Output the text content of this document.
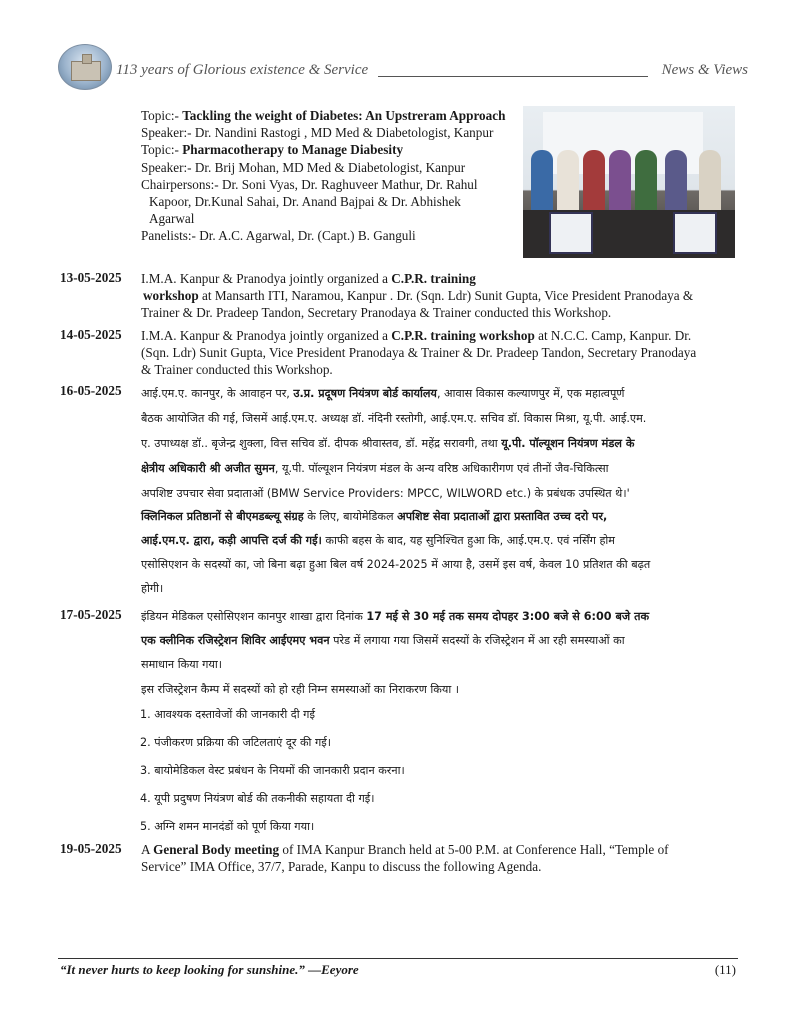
113 years of Glorious existence & Service	News & Views
Topic:- Tackling the weight of Diabetes: An Upstreram Approach
Speaker:- Dr. Nandini Rastogi , MD Med & Diabetologist, Kanpur
Topic:- Pharmacotherapy to Manage Diabesity
Speaker:- Dr. Brij Mohan, MD Med & Diabetologist, Kanpur
Chairpersons:- Dr. Soni Vyas, Dr. Raghuveer Mathur, Dr. Rahul
Kapoor, Dr.Kunal Sahai, Dr. Anand Bajpai & Dr. Abhishek
Agarwal
Panelists:- Dr. A.C. Agarwal, Dr. (Capt.) B. Ganguli
13-05-2025 I.M.A. Kanpur & Pranodya jointly organized a C.P.R. training
workshop at Mansarth ITI, Naramou, Kanpur . Dr. (Sqn. Ldr) Sunit Gupta, Vice President Pranodaya &
Trainer & Dr. Pradeep Tandon, Secretary Pranodaya & Trainer conducted this Workshop.
14-05-2025 I.M.A. Kanpur & Pranodya jointly organized a C.P.R. training workshop at N.C.C. Camp, Kanpur. Dr.
(Sqn. Ldr) Sunit Gupta, Vice President Pranodaya & Trainer & Dr. Pradeep Tandon, Secretary Pranodaya
& Trainer conducted this Workshop.
16-05-2025 आई.एम.ए. कानपुर, के आवाहन पर, उ.प्र. प्रदूषण नियंत्रण बोर्ड कार्यालय, आवास विकास कल्याणपुर में, एक महात्वपूर्ण
बैठक आयोजित की गई, जिसमें आई.एम.ए. अध्यक्ष डॉ. नंदिनी रस्तोगी, आई.एम.ए. सचिव डॉ. विकास मिश्रा, यू.पी. आई.एम.
ए. उपाध्यक्ष डॉ.. बृजेन्द्र शुक्ला, वित्त सचिव डॉ. दीपक श्रीवास्तव, डॉ. महेंद्र सरावगी, तथा यू.पी. पॉल्यूशन नियंत्रण मंडल के
क्षेत्रीय अधिकारी श्री अजीत सुमन, यू.पी. पॉल्यूशन नियंत्रण मंडल के अन्य वरिष्ठ अधिकारीगण एवं तीनों जैव-चिकित्सा
अपशिष्ट उपचार सेवा प्रदाताओं (BMW Service Providers: MPCC, WILWORD etc.) के प्रबंधक उपस्थित थे।'
क्लिनिकल प्रतिष्ठानों से बीएमडब्ल्यू संग्रह के लिए, बायोमेडिकल अपशिष्ट सेवा प्रदाताओं द्वारा प्रस्तावित उच्च दरो पर,
आई.एम.ए. द्वारा, कड़ी आपत्ति दर्ज की गई। काफी बहस के बाद, यह सुनिश्चित हुआ कि, आई.एम.ए. एवं नर्सिंग होम
एसोसिएशन के सदस्यों का, जो बिना बढ़ा हुआ बिल वर्ष 2024-2025 में आया है, उसमें इस वर्ष, केवल 10 प्रतिशत की बढ़त
होगी।
17-05-2025 इंडियन मेडिकल एसोसिएशन कानपुर शाखा द्वारा दिनांक 17 मई से 30 मई तक समय दोपहर 3:00 बजे से 6:00 बजे तक
एक क्लीनिक रजिस्ट्रेशन शिविर आईएमए भवन परेड में लगाया गया जिसमें सदस्यों के रजिस्ट्रेशन में आ रही समस्याओं का
समाधान किया गया।
इस रजिस्ट्रेशन कैम्प में सदस्यों को हो रही निम्न समस्याओं का निराकरण किया ।
1. आवश्यक दस्तावेजों की जानकारी दी गई
2. पंजीकरण प्रक्रिया की जटिलताएं दूर की गई।
3. बायोमेडिकल वेस्ट प्रबंधन के नियमों की जानकारी प्रदान करना।
4. यूपी प्रदुषण नियंत्रण बोर्ड की तकनीकी सहायता दी गई।
5. अग्नि शमन मानदंडों को पूर्ण किया गया।
19-05-2025 A General Body meeting of IMA Kanpur Branch held at 5-00 P.M. at Conference Hall, “Temple of
Service” IMA Office, 37/7, Parade, Kanpu to discuss the following Agenda.
“It never hurts to keep looking for sunshine.” —Eeyore	(11)
